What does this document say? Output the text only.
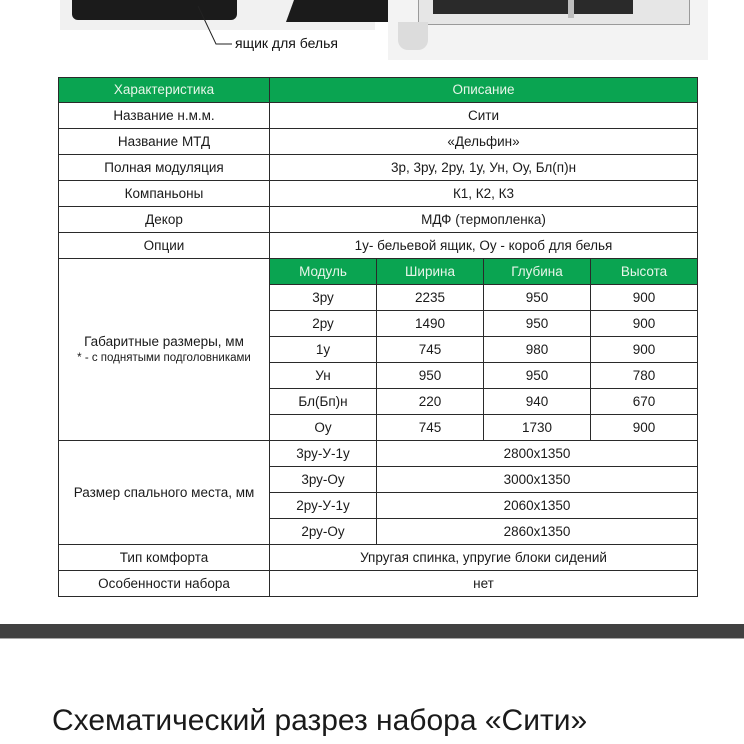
ящик для белья
Характеристика	Описание			
Название н.м.м.	Сити			
Название МТД	«Дельфин»			
Полная модуляция	3р, 3ру, 2ру, 1у, Ун, Оу, Бл(п)н			
Компаньоны	К1, К2, К3			
Декор	МДФ (термопленка)			
Опции	1у- бельевой ящик, Оу - короб для белья			
Габаритные размеры, мм
* - с поднятыми подголовниками	Модуль	Ширина	Глубина	Высота
	3ру	2235	950	900
	2ру	1490	950	900
	1у	745	980	900
	Ун	950	950	780
	Бл(Бп)н	220	940	670
	Оу	745	1730	900
Размер спального места, мм	3ру-У-1у	2800х1350		
	3ру-Оу	3000х1350		
	2ру-У-1у	2060х1350		
	2ру-Оу	2860х1350		
Тип комфорта	Упругая спинка, упругие блоки сидений			
Особенности набора	нет			
Схематический разрез набора «Сити»
